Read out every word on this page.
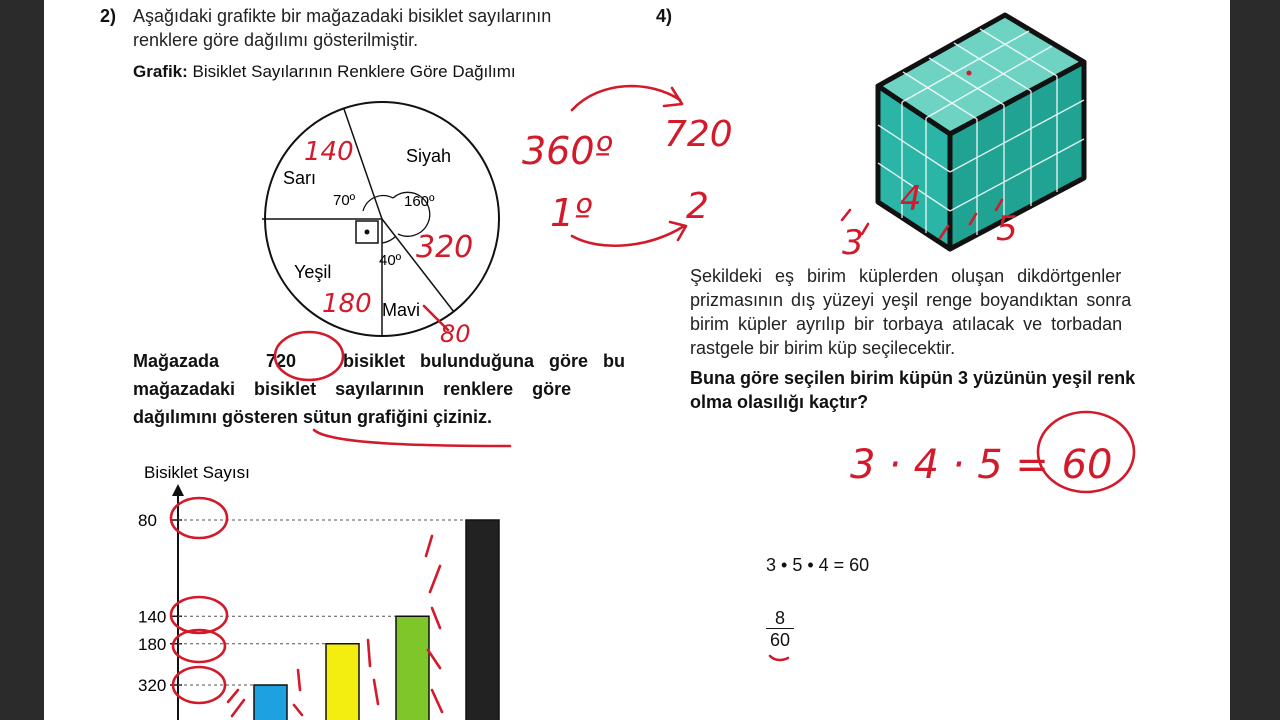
2) Aşağıdaki grafikte bir mağazadaki bisiklet sayılarının
renklere göre dağılımı gösterilmiştir.
Grafik: Bisiklet Sayılarının Renklere Göre Dağılımı
Sarı
Siyah
Yeşil
Mavi
70º	160º
40º
Mağazada	720	bisiklet bulunduğuna göre bu
mağazadaki bisiklet sayılarının renklere göre
dağılımını gösteren sütun grafiğini çiziniz.
Bisiklet Sayısı
320
180
140
80
4)
Şekildeki eş birim küplerden oluşan dikdörtgenler
prizmasının dış yüzeyi yeşil renge boyandıktan sonra
birim küpler ayrılıp bir torbaya atılacak ve torbadan
rastgele bir birim küp seçilecektir.
Buna göre seçilen birim küpün 3 yüzünün yeşil renk
olma olasılığı kaçtır?
3 • 5 • 4 = 60
$\frac{8}{60}$
140
320
180
80
360º 720
1º	2
3
4
5
3 · 4 · 5 = 60
